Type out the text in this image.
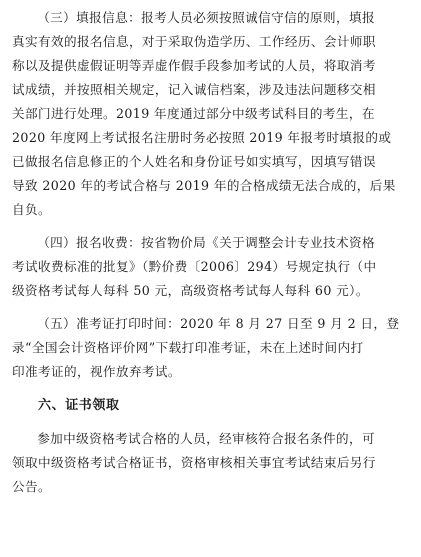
（三）填报信息：报考人员必须按照诚信守信的原则，填报
真实有效的报名信息，对于采取伪造学历、工作经历、会计师职
称以及提供虚假证明等弄虚作假手段参加考试的人员，将取消考
试成绩，并按照相关规定，记入诚信档案，涉及违法问题移交相
关部门进行处理。2019 年度通过部分中级考试科目的考生，在
2020 年度网上考试报名注册时务必按照 2019 年报考时填报的或
已做报名信息修正的个人姓名和身份证号如实填写，因填写错误
导致 2020 年的考试合格与 2019 年的合格成绩无法合成的，后果
自负。

（四）报名收费：按省物价局《关于调整会计专业技术资格
考试收费标准的批复》（黔价费〔2006〕294）号规定执行（中
级资格考试每人每科 50 元，高级资格考试每人每科 60 元）。

（五）准考证打印时间：2020 年 8 月 27 日至 9 月 2 日，登
录“全国会计资格评价网”下载打印准考证，未在上述时间内打
印准考证的，视作放弃考试。

六、证书领取

参加中级资格考试合格的人员，经审核符合报名条件的，可
领取中级资格考试合格证书，资格审核相关事宜考试结束后另行
公告。
